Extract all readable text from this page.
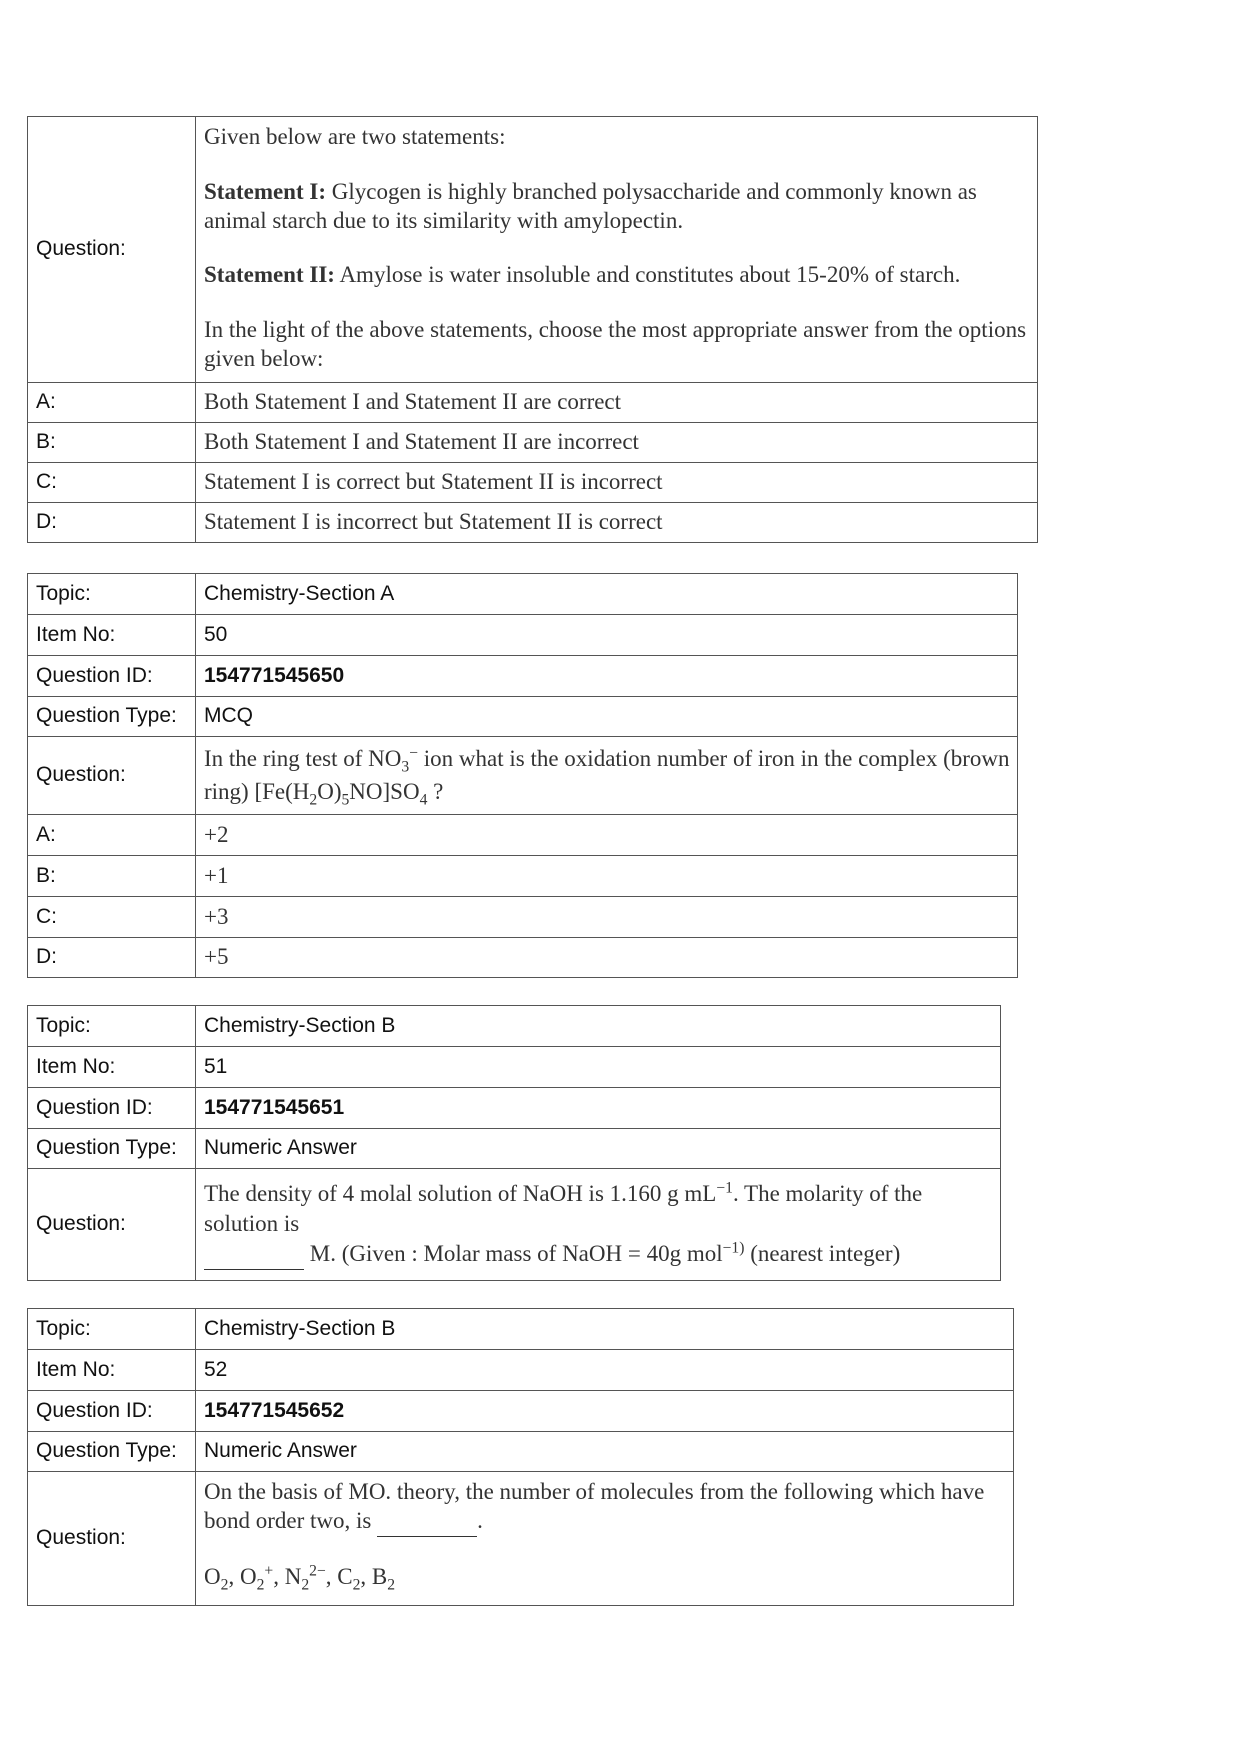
Question:	Given below are two statements:

Statement I: Glycogen is highly branched polysaccharide and commonly known as animal starch due to its similarity with amylopectin.

Statement II: Amylose is water insoluble and constitutes about 15-20% of starch.

In the light of the above statements, choose the most appropriate answer from the options given below:

A:	Both Statement I and Statement II are correct
B:	Both Statement I and Statement II are incorrect
C:	Statement I is correct but Statement II is incorrect
D:	Statement I is incorrect but Statement II is correct
Topic:	Chemistry-Section A
Item No:	50
Question ID:	154771545650
Question Type:	MCQ
Question:	In the ring test of $NO_3^-$ ion what is the oxidation number of iron in the complex (brown ring) $[Fe(H_2O)_5NO]SO_4$ ?
A:	+2
B:	+1
C:	+3
D:	+5
Topic:	Chemistry-Section B
Item No:	51
Question ID:	154771545651
Question Type:	Numeric Answer
Question:	The density of 4 molal solution of NaOH is 1.160 g $mL^{-1}$. The molarity of the solution is
M. (Given : Molar mass of NaOH = 40g mol$^{-1)}$ (nearest integer)
Topic:	Chemistry-Section B
Item No:	52
Question ID:	154771545652
Question Type:	Numeric Answer
Question:	On the basis of MO. theory, the number of molecules from the following which have bond order two, is .

$O_2$, $O_2^+$, $N_2^{2-}$, $C_2$, $B_2$
